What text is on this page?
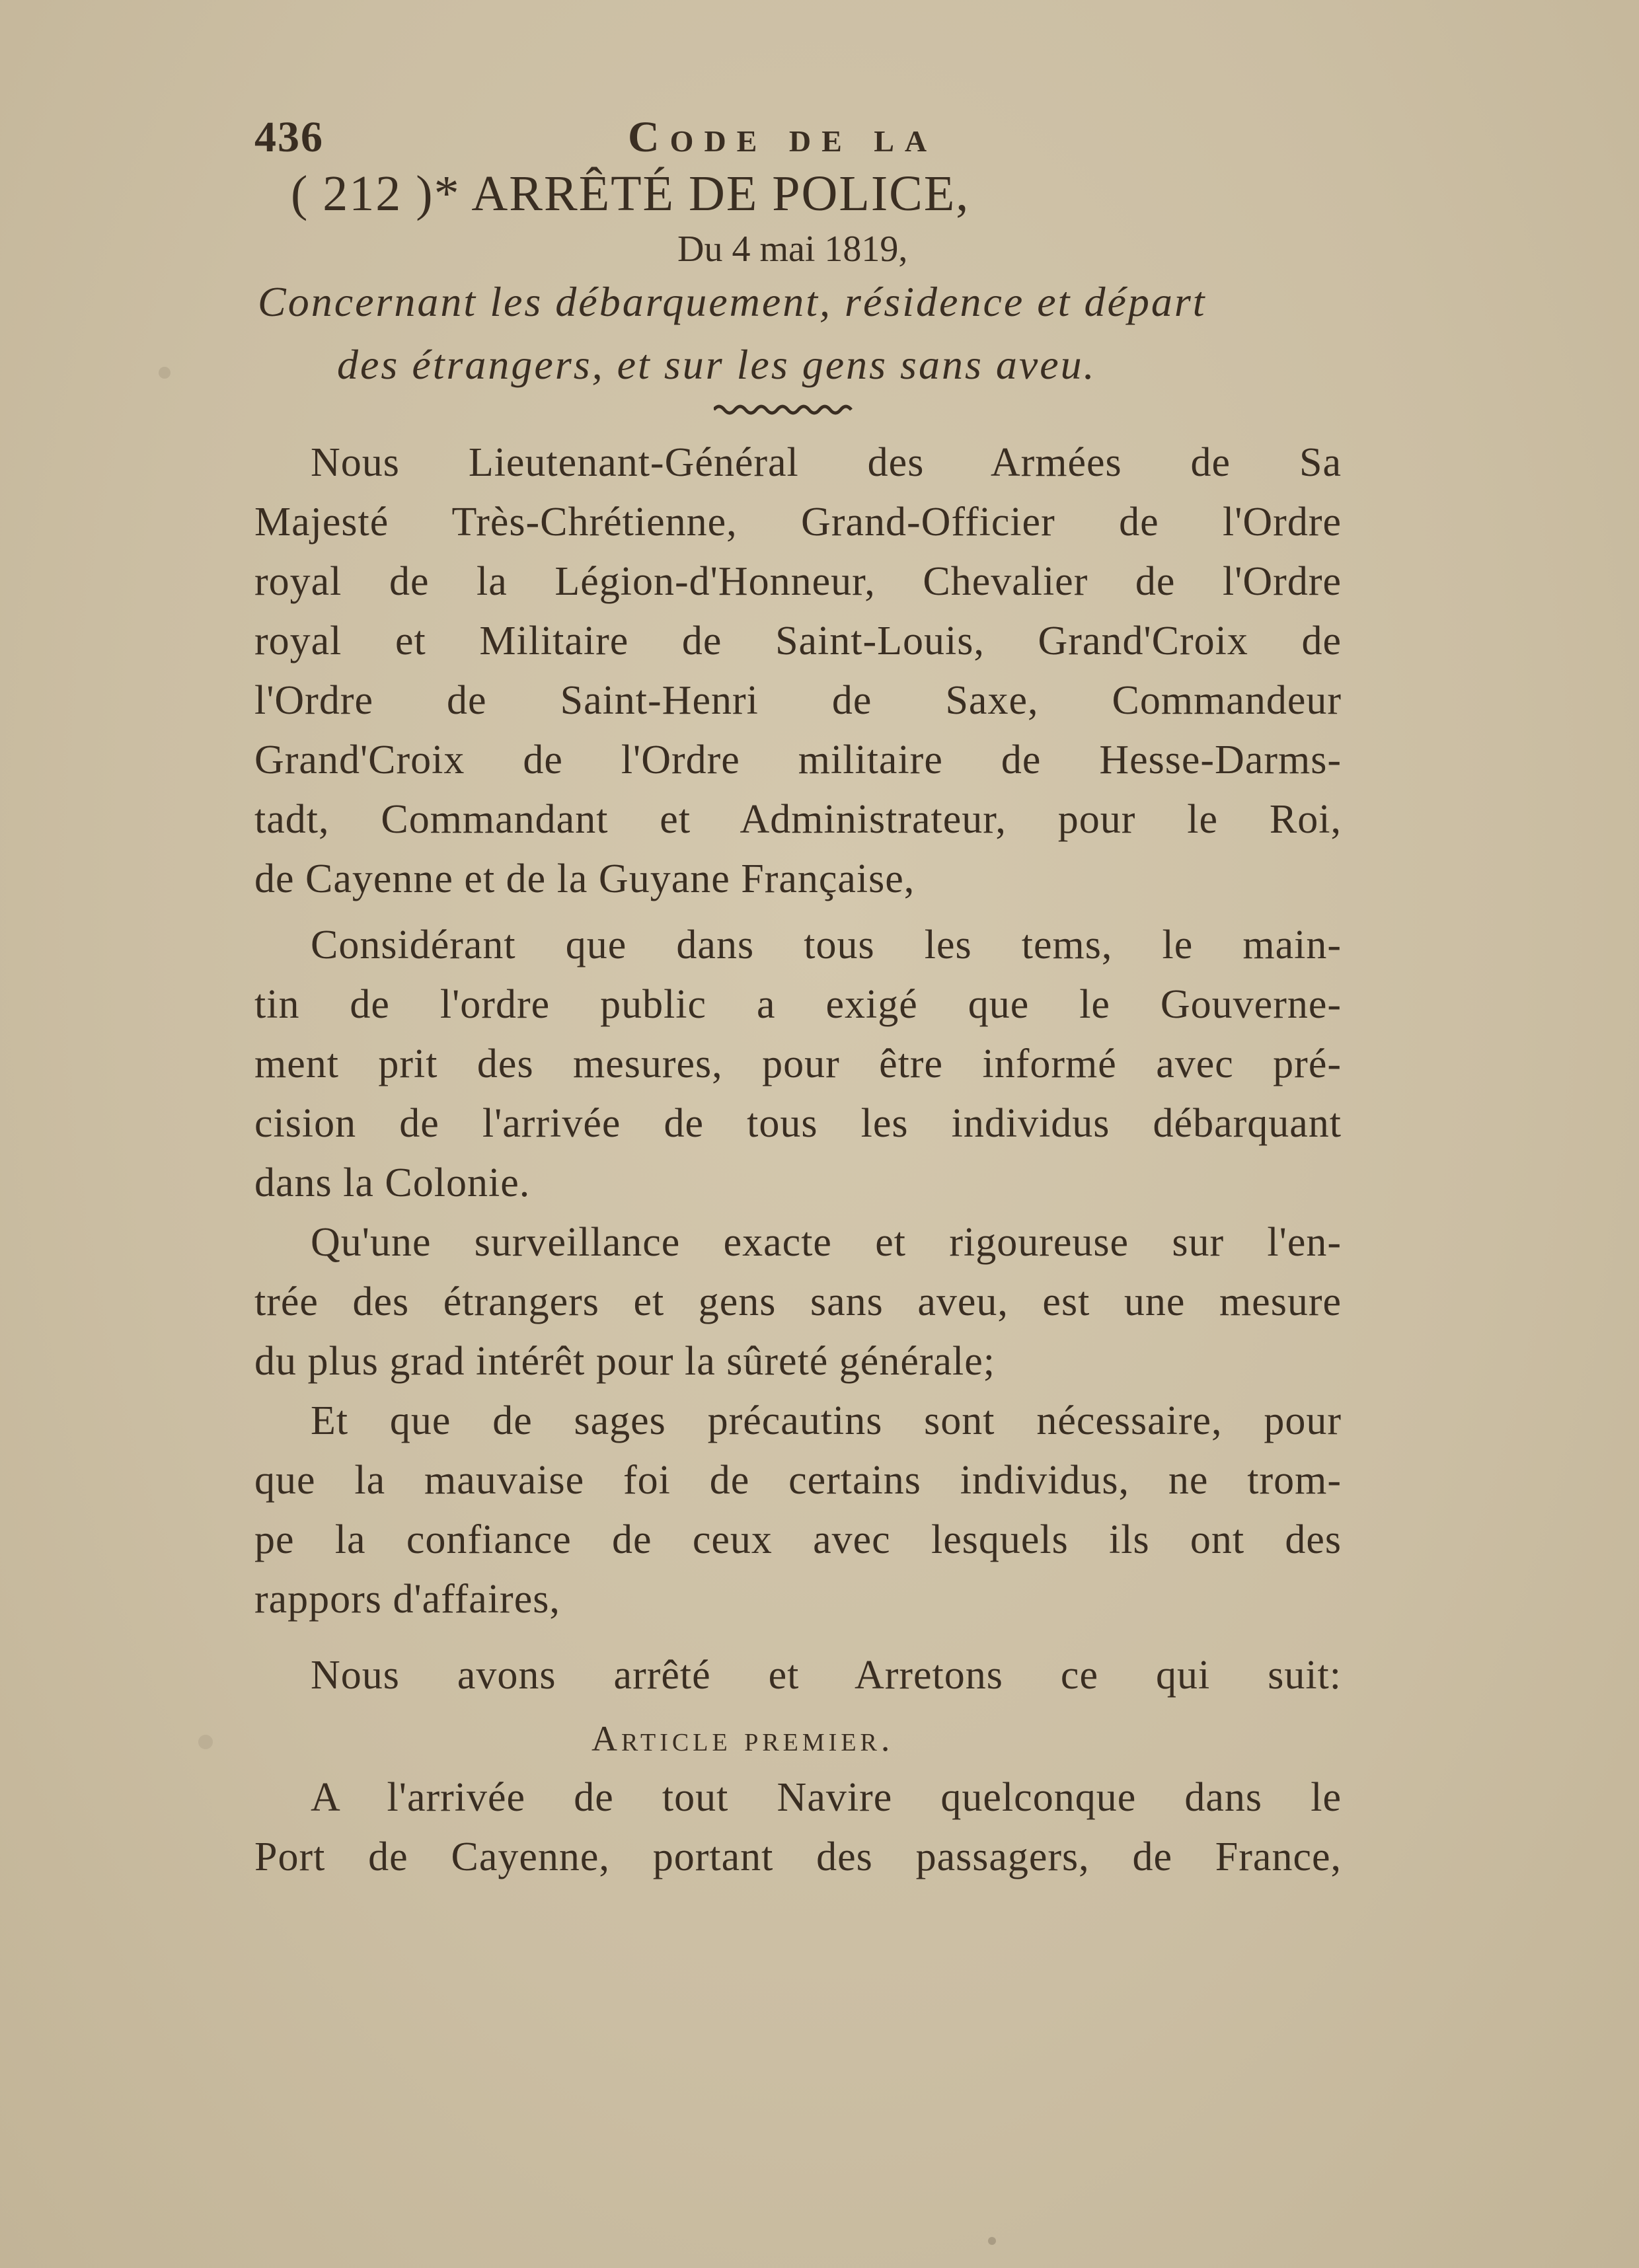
436	Code de la
( 212 )* ARRÊTÉ DE POLICE,
Du 4 mai 1819,
Concernant les débarquement, résidence et départ
des étrangers, et sur les gens sans aveu.
Nous Lieutenant-Général des Armées de Sa
Majesté Très-Chrétienne, Grand-Officier de l'Ordre
royal de la Légion-d'Honneur, Chevalier de l'Ordre
royal et Militaire de Saint-Louis, Grand'Croix de
l'Ordre de Saint-Henri de Saxe, Commandeur
Grand'Croix de l'Ordre militaire de Hesse-Darms-
tadt, Commandant et Administrateur, pour le Roi,
de Cayenne et de la Guyane Française,
Considérant que dans tous les tems, le main-
tin de l'ordre public a exigé que le Gouverne-
ment prit des mesures, pour être informé avec pré-
cision de l'arrivée de tous les individus débarquant
dans la Colonie.
Qu'une surveillance exacte et rigoureuse sur l'en-
trée des étrangers et gens sans aveu, est une mesure
du plus grad intérêt pour la sûreté générale;
Et que de sages précautins sont nécessaire, pour
que la mauvaise foi de certains individus, ne trom-
pe la confiance de ceux avec lesquels ils ont des
rappors d'affaires,
Nous avons arrêté et Arretons ce qui suit:
Article premier.
A l'arrivée de tout Navire quelconque dans le
Port de Cayenne, portant des passagers, de France,
